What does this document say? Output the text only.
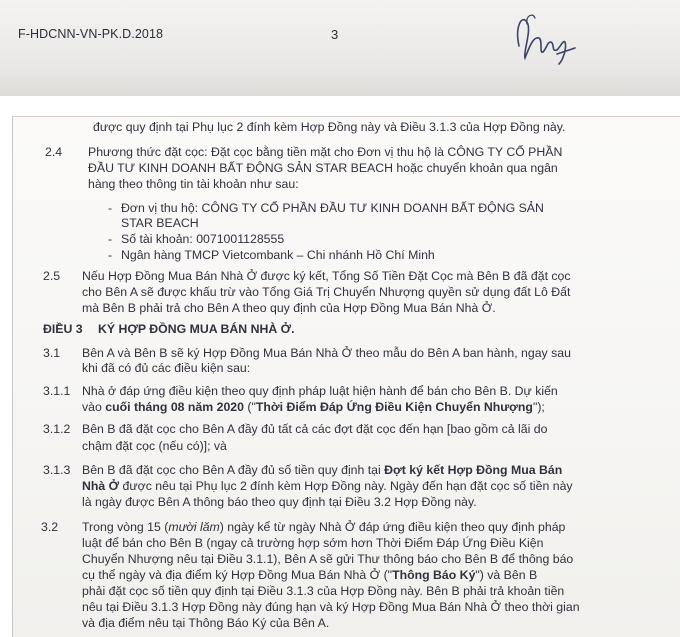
F-HDCNN-VN-PK.D.2018	3
được quy định tại Phụ lục 2 đính kèm Hợp Đồng này và Điều 3.1.3 của Hợp Đồng này.
2.4 Phương thức đặt cọc: Đặt cọc bằng tiền mặt cho Đơn vị thu hộ là CÔNG TY CỔ PHẦN
ĐẦU TƯ KINH DOANH BẤT ĐỘNG SẢN STAR BEACH hoặc chuyển khoản qua ngân
hàng theo thông tin tài khoản như sau:
- Đơn vị thu hộ: CÔNG TY CỔ PHẦN ĐẦU TƯ KINH DOANH BẤT ĐỘNG SẢN
STAR BEACH
- Số tài khoản: 0071001128555
- Ngân hàng TMCP Vietcombank – Chi nhánh Hồ Chí Minh
2.5 Nếu Hợp Đồng Mua Bán Nhà Ở được ký kết, Tổng Số Tiền Đặt Cọc mà Bên B đã đặt cọc
cho Bên A sẽ được khấu trừ vào Tổng Giá Trị Chuyển Nhượng quyền sử dụng đất Lô Đất
mà Bên B phải trả cho Bên A theo quy định của Hợp Đồng Mua Bán Nhà Ở.
ĐIỀU 3 KÝ HỢP ĐỒNG MUA BÁN NHÀ Ở.
3.1 Bên A và Bên B sẽ ký Hợp Đồng Mua Bán Nhà Ở theo mẫu do Bên A ban hành, ngay sau
khi đã có đủ các điều kiện sau:
3.1.1 Nhà ở đáp ứng điều kiện theo quy định pháp luật hiện hành để bán cho Bên B. Dự kiến
vào cuối tháng 08 năm 2020 ("Thời Điểm Đáp Ứng Điều Kiện Chuyển Nhượng");
3.1.2 Bên B đã đặt cọc cho Bên A đầy đủ tất cả các đợt đặt cọc đến hạn [bao gồm cả lãi do
chậm đặt cọc (nếu có)]; và
3.1.3 Bên B đã đặt cọc cho Bên A đầy đủ số tiền quy định tại Đợt ký kết Hợp Đồng Mua Bán
Nhà Ở được nêu tại Phụ lục 2 đính kèm Hợp Đồng này. Ngày đến hạn đặt cọc số tiền này
là ngày được Bên A thông báo theo quy định tại Điều 3.2 Hợp Đồng này.
3.2 Trong vòng 15 (mười lăm) ngày kể từ ngày Nhà Ở đáp ứng điều kiện theo quy định pháp
luật để bán cho Bên B (ngay cả trường hợp sớm hơn Thời Điểm Đáp Ứng Điều Kiện
Chuyển Nhượng nêu tại Điều 3.1.1), Bên A sẽ gửi Thư thông báo cho Bên B để thông báo
cụ thể ngày và địa điểm ký Hợp Đồng Mua Bán Nhà Ở ("Thông Báo Ký") và Bên B
phải đặt cọc số tiền quy định tại Điều 3.1.3 của Hợp Đồng này. Bên B phải trả khoản tiền
nêu tại Điều 3.1.3 Hợp Đồng này đúng hạn và ký Hợp Đồng Mua Bán Nhà Ở theo thời gian
và địa điểm nêu tại Thông Báo Ký của Bên A.
